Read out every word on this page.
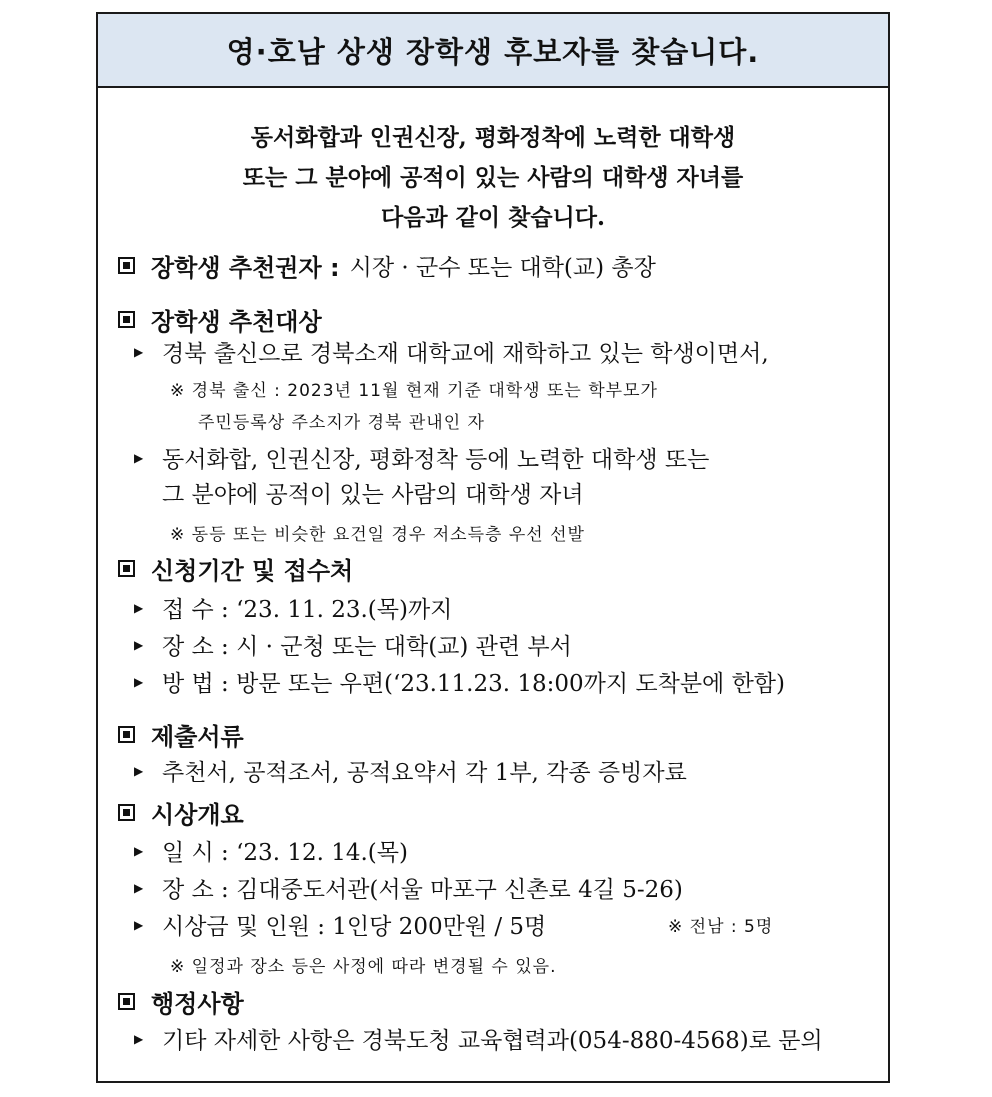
영·호남 상생 장학생 후보자를 찾습니다.
동서화합과 인권신장, 평화정착에 노력한 대학생
또는 그 분야에 공적이 있는 사람의 대학생 자녀를
다음과 같이 찾습니다.
장학생 추천권자 : 시장 · 군수 또는 대학(교) 총장
장학생 추천대상
▶ 경북 출신으로 경북소재 대학교에 재학하고 있는 학생이면서,
※ 경북 출신 : 2023년 11월 현재 기준 대학생 또는 학부모가
주민등록상 주소지가 경북 관내인 자
▶ 동서화합, 인권신장, 평화정착 등에 노력한 대학생 또는
그 분야에 공적이 있는 사람의 대학생 자녀
※ 동등 또는 비슷한 요건일 경우 저소득층 우선 선발
신청기간 및 접수처
▶ 접 수 : ‘23. 11. 23.(목)까지
▶ 장 소 : 시 · 군청 또는 대학(교) 관련 부서
▶ 방 법 : 방문 또는 우편(‘23.11.23. 18:00까지 도착분에 한함)
제출서류
▶ 추천서, 공적조서, 공적요약서 각 1부, 각종 증빙자료
시상개요
▶ 일 시 : ‘23. 12. 14.(목)
▶ 장 소 : 김대중도서관(서울 마포구 신촌로 4길 5-26)
▶ 시상금 및 인원 : 1인당 200만원 / 5명	※ 전남 : 5명
※ 일정과 장소 등은 사정에 따라 변경될 수 있음.
행정사항
▶ 기타 자세한 사항은 경북도청 교육협력과(054-880-4568)로 문의
